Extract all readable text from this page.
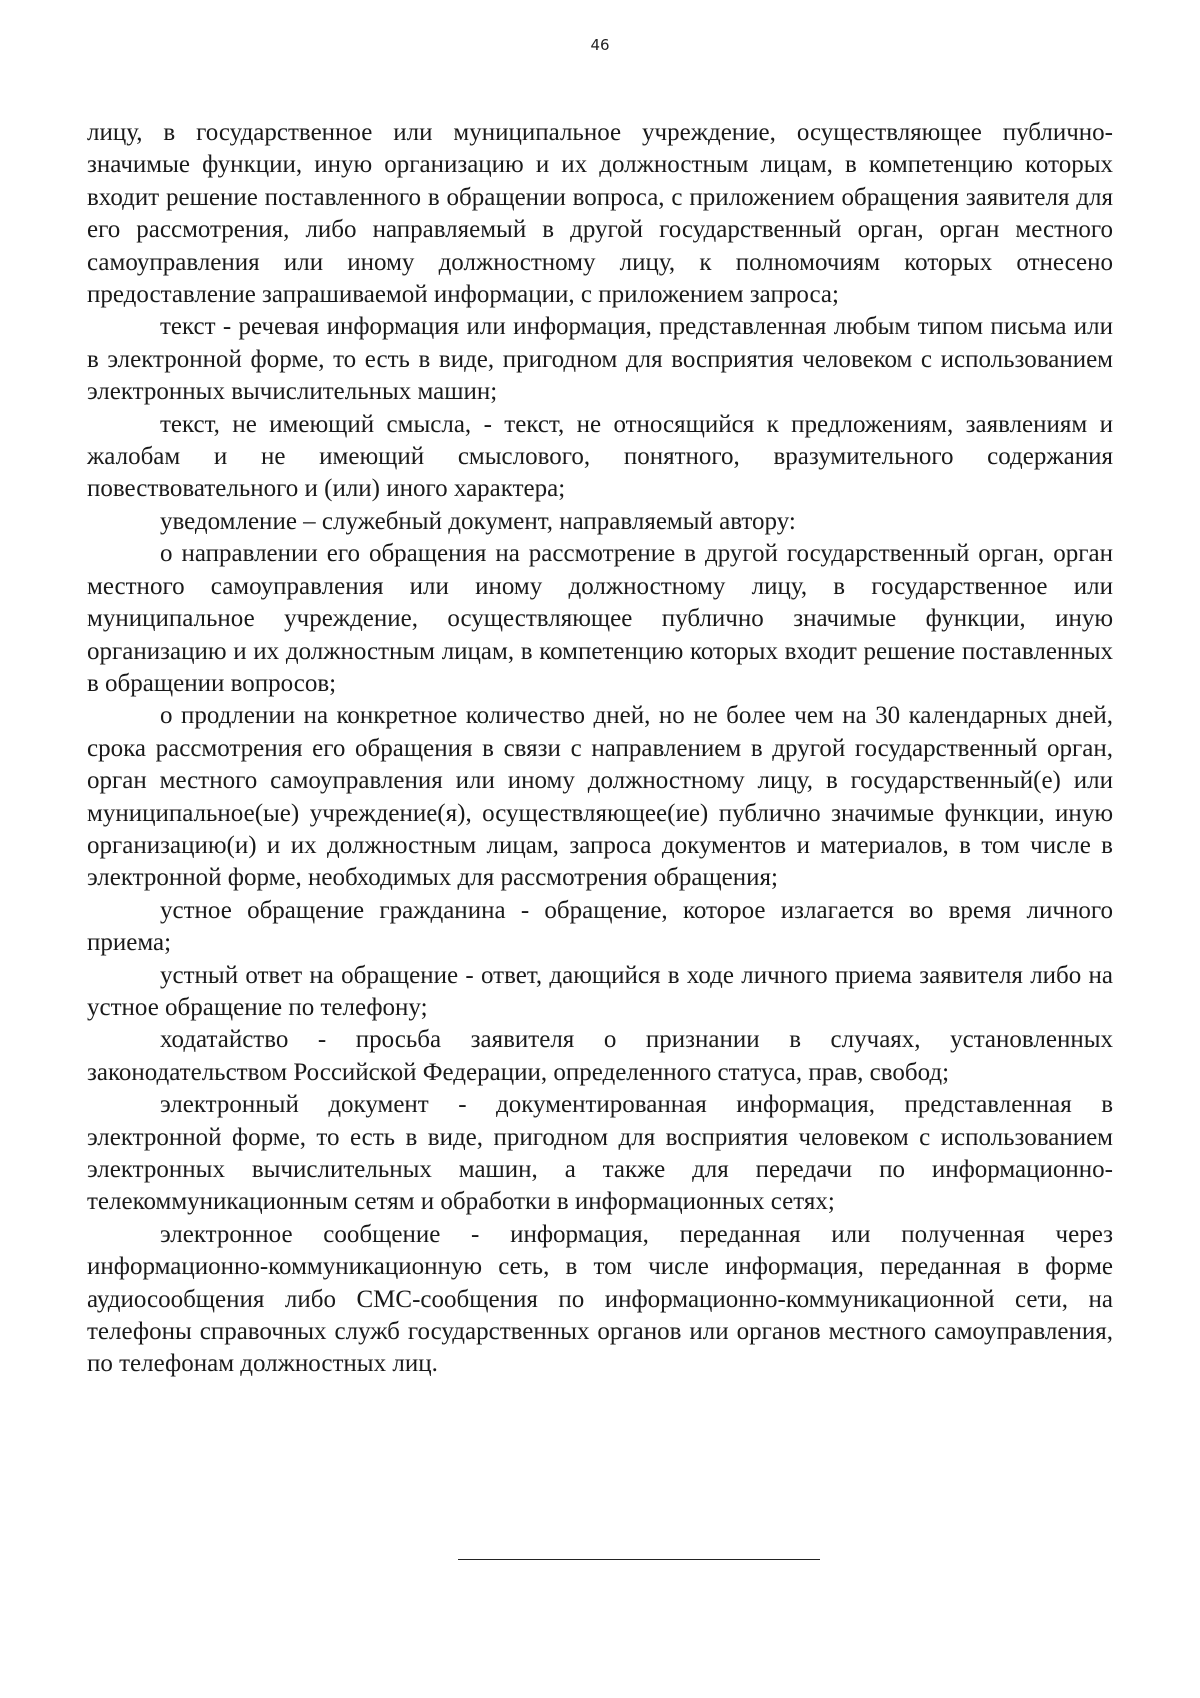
46

лицу, в государственное или муниципальное учреждение, осуществляющее публично-значимые функции, иную организацию и их должностным лицам, в компетенцию которых входит решение поставленного в обращении вопроса, с приложением обращения заявителя для его рассмотрения, либо направляемый в другой государственный орган, орган местного самоуправления или иному должностному лицу, к полномочиям которых отнесено предоставление запрашиваемой информации, с приложением запроса;

текст - речевая информация или информация, представленная любым типом письма или в электронной форме, то есть в виде, пригодном для восприятия человеком с использованием электронных вычислительных машин;

текст, не имеющий смысла, - текст, не относящийся к предложениям, заявлениям и жалобам и не имеющий смыслового, понятного, вразумительного содержания повествовательного и (или) иного характера;

уведомление – служебный документ, направляемый автору:

о направлении его обращения на рассмотрение в другой государственный орган, орган местного самоуправления или иному должностному лицу, в государственное или муниципальное учреждение, осуществляющее публично значимые функции, иную организацию и их должностным лицам, в компетенцию которых входит решение поставленных в обращении вопросов;

о продлении на конкретное количество дней, но не более чем на 30 календарных дней, срока рассмотрения его обращения в связи с направлением в другой государственный орган, орган местного самоуправления или иному должностному лицу, в государственный(е) или муниципальное(ые) учреждение(я), осуществляющее(ие) публично значимые функции, иную организацию(и) и их должностным лицам, запроса документов и материалов, в том числе в электронной форме, необходимых для рассмотрения обращения;

устное обращение гражданина - обращение, которое излагается во время личного приема;

устный ответ на обращение - ответ, дающийся в ходе личного приема заявителя либо на устное обращение по телефону;

ходатайство - просьба заявителя о признании в случаях, установленных законодательством Российской Федерации, определенного статуса, прав, свобод;

электронный документ - документированная информация, представленная в электронной форме, то есть в виде, пригодном для восприятия человеком с использованием электронных вычислительных машин, а также для передачи по информационно-телекоммуникационным сетям и обработки в информационных сетях;

электронное сообщение - информация, переданная или полученная через информационно-коммуникационную сеть, в том числе информация, переданная в форме аудиосообщения либо СМС-сообщения по информационно-коммуникационной сети, на телефоны справочных служб государственных органов или органов местного самоуправления, по телефонам должностных лиц.
